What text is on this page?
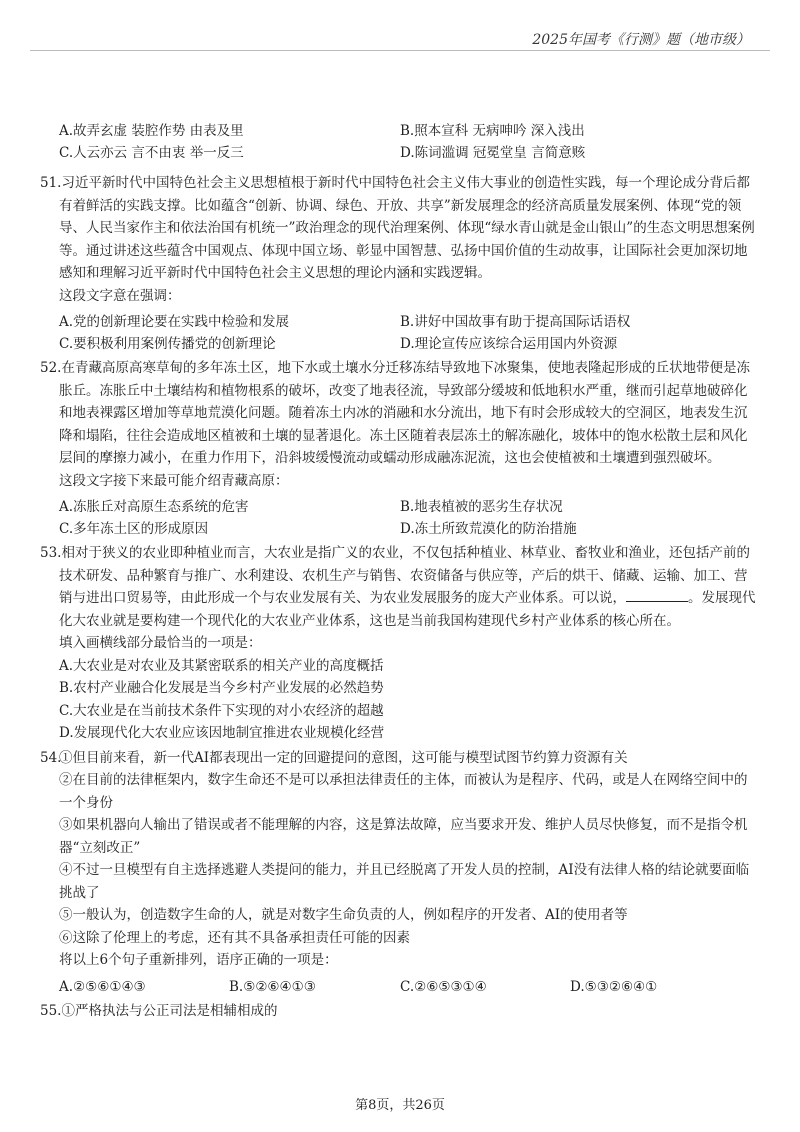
2025年国考《行测》题（地市级）
A.故弄玄虚 装腔作势 由表及里	B.照本宣科 无病呻吟 深入浅出
C.人云亦云 言不由衷 举一反三	D.陈词滥调 冠冕堂皇 言简意赅
51.习近平新时代中国特色社会主义思想植根于新时代中国特色社会主义伟大事业的创造性实践，每一个理论成分背后都有着鲜活的实践支撑。比如蕴含“创新、协调、绿色、开放、共享”新发展理念的经济高质量发展案例、体现“党的领导、人民当家作主和依法治国有机统一”政治理念的现代治理案例、体现“绿水青山就是金山银山”的生态文明思想案例等。通过讲述这些蕴含中国观点、体现中国立场、彰显中国智慧、弘扬中国价值的生动故事，让国际社会更加深切地感知和理解习近平新时代中国特色社会主义思想的理论内涵和实践逻辑。
这段文字意在强调：
A.党的创新理论要在实践中检验和发展	B.讲好中国故事有助于提高国际话语权
C.要积极利用案例传播党的创新理论	D.理论宣传应该综合运用国内外资源
52.在青藏高原高寒草甸的多年冻土区，地下水或土壤水分迁移冻结导致地下冰聚集，使地表隆起形成的丘状地带便是冻胀丘。冻胀丘中土壤结构和植物根系的破坏，改变了地表径流，导致部分缓坡和低地积水严重，继而引起草地破碎化和地表裸露区增加等草地荒漠化问题。随着冻土内冰的消融和水分流出，地下有时会形成较大的空洞区，地表发生沉降和塌陷，往往会造成地区植被和土壤的显著退化。冻土区随着表层冻土的解冻融化，坡体中的饱水松散土层和风化层间的摩擦力减小，在重力作用下，沿斜坡缓慢流动或蠕动形成融冻泥流，这也会使植被和土壤遭到强烈破坏。
这段文字接下来最可能介绍青藏高原：
A.冻胀丘对高原生态系统的危害	B.地表植被的恶劣生存状况
C.多年冻土区的形成原因	D.冻土所致荒漠化的防治措施
53.相对于狭义的农业即种植业而言，大农业是指广义的农业，不仅包括种植业、林草业、畜牧业和渔业，还包括产前的技术研发、品种繁育与推广、水利建设、农机生产与销售、农资储备与供应等，产后的烘干、储藏、运输、加工、营销与进出口贸易等，由此形成一个与农业发展有关、为农业发展服务的庞大产业体系。可以说，	。发展现代化大农业就是要构建一个现代化的大农业产业体系，这也是当前我国构建现代乡村产业体系的核心所在。
填入画横线部分最恰当的一项是：
A.大农业是对农业及其紧密联系的相关产业的高度概括
B.农村产业融合化发展是当今乡村产业发展的必然趋势
C.大农业是在当前技术条件下实现的对小农经济的超越
D.发展现代化大农业应该因地制宜推进农业规模化经营
54.
①但目前来看，新一代AI都表现出一定的回避提问的意图，这可能与模型试图节约算力资源有关
②在目前的法律框架内，数字生命还不是可以承担法律责任的主体，而被认为是程序、代码，或是人在网络空间中的一个身份
③如果机器向人输出了错误或者不能理解的内容，这是算法故障，应当要求开发、维护人员尽快修复，而不是指令机器“立刻改正”
④不过一旦模型有自主选择逃避人类提问的能力，并且已经脱离了开发人员的控制，AI没有法律人格的结论就要面临挑战了
⑤一般认为，创造数字生命的人，就是对数字生命负责的人，例如程序的开发者、AI的使用者等
⑥这除了伦理上的考虑，还有其不具备承担责任可能的因素
将以上6个句子重新排列，语序正确的一项是：
A.②⑤⑥①④③	B.⑤②⑥④①③	C.②⑥⑤③①④	D.⑤③②⑥④①
55.①严格执法与公正司法是相辅相成的
第8页，共26页
